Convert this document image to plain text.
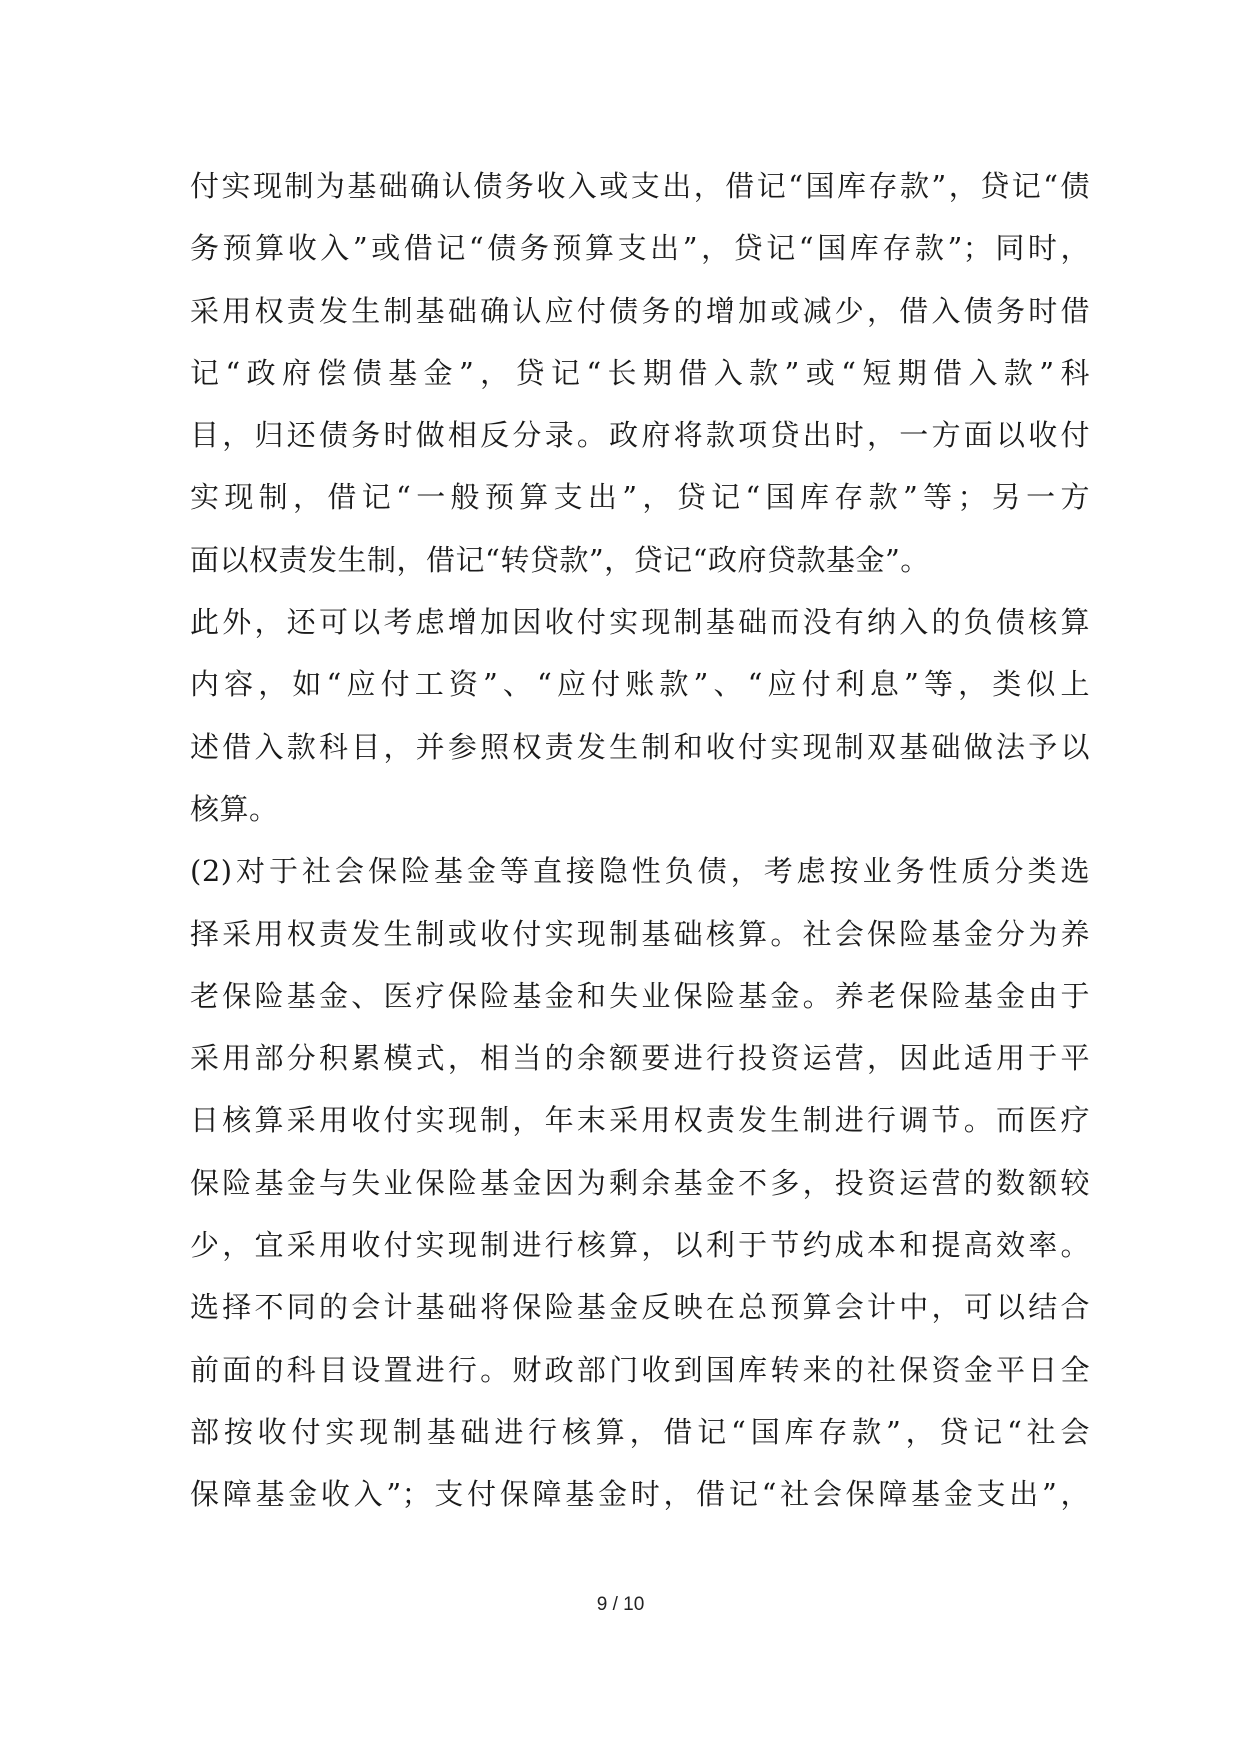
付实现制为基础确认债务收入或支出，借记“国库存款”，贷记“债
务预算收入”或借记“债务预算支出”，贷记“国库存款”；同时，
采用权责发生制基础确认应付债务的增加或减少，借入债务时借
记“政府偿债基金”，贷记“长期借入款”或“短期借入款”科
目，归还债务时做相反分录。政府将款项贷出时，一方面以收付
实现制，借记“一般预算支出”，贷记“国库存款”等；另一方
面以权责发生制，借记“转贷款”，贷记“政府贷款基金”。
此外，还可以考虑增加因收付实现制基础而没有纳入的负债核算
内容，如“应付工资”、“应付账款”、“应付利息”等，类似上
述借入款科目，并参照权责发生制和收付实现制双基础做法予以
核算。
(2)对于社会保险基金等直接隐性负债，考虑按业务性质分类选
择采用权责发生制或收付实现制基础核算。社会保险基金分为养
老保险基金、医疗保险基金和失业保险基金。养老保险基金由于
采用部分积累模式，相当的余额要进行投资运营，因此适用于平
日核算采用收付实现制，年末采用权责发生制进行调节。而医疗
保险基金与失业保险基金因为剩余基金不多，投资运营的数额较
少，宜采用收付实现制进行核算，以利于节约成本和提高效率。
选择不同的会计基础将保险基金反映在总预算会计中，可以结合
前面的科目设置进行。财政部门收到国库转来的社保资金平日全
部按收付实现制基础进行核算，借记“国库存款”，贷记“社会
保障基金收入”；支付保障基金时，借记“社会保障基金支出”，
9 / 10
